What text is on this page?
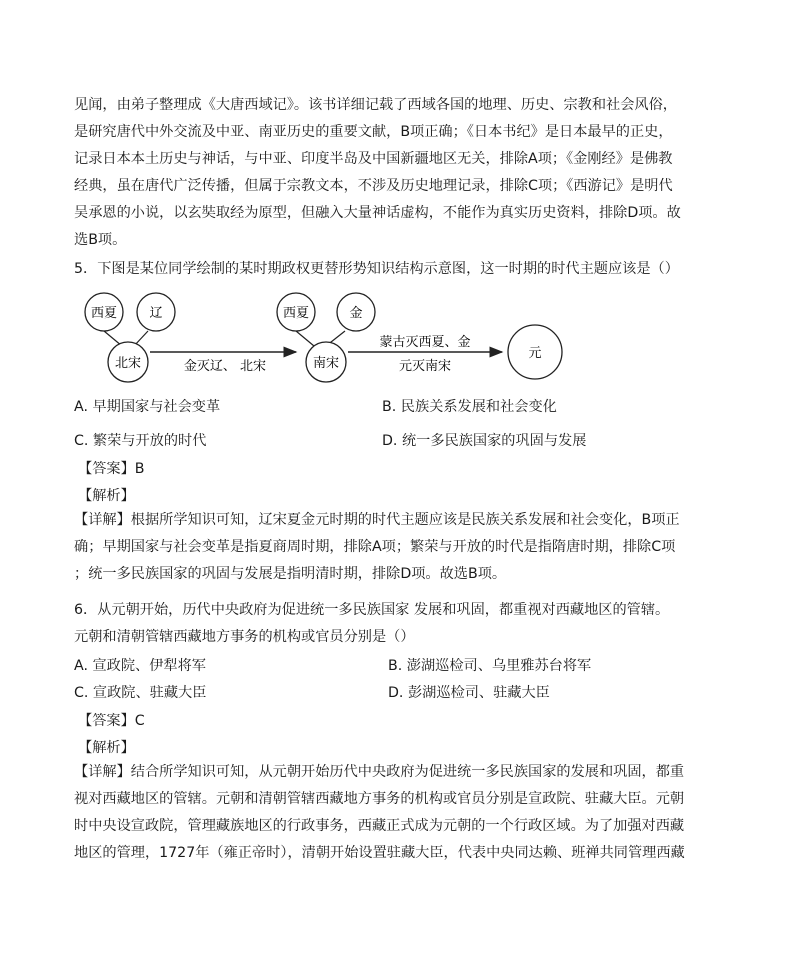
见闻，由弟子整理成《大唐西域记》。该书详细记载了西域各国的地理、历史、宗教和社会风俗，
是研究唐代中外交流及中亚、南亚历史的重要文献，B项正确；《日本书纪》是日本最早的正史，
记录日本本土历史与神话，与中亚、印度半岛及中国新疆地区无关，排除A项；《金刚经》是佛教
经典，虽在唐代广泛传播，但属于宗教文本，不涉及历史地理记录，排除C项；《西游记》是明代
吴承恩的小说，以玄奘取经为原型，但融入大量神话虚构，不能作为真实历史资料，排除D项。故
选B项。
5．下图是某位同学绘制的某时期政权更替形势知识结构示意图，这一时期的时代主题应该是（）
西夏 辽
北宋
西夏	金
南宋
元
金灭辽、 北宋
蒙古灭西夏、金
元灭南宋
A. 早期国家与社会变革	B. 民族关系发展和社会变化
C. 繁荣与开放的时代	D. 统一多民族国家的巩固与发展
【答案】B
【解析】
【详解】根据所学知识可知，辽宋夏金元时期的时代主题应该是民族关系发展和社会变化，B项正
确；早期国家与社会变革是指夏商周时期，排除A项；繁荣与开放的时代是指隋唐时期，排除C项
；统一多民族国家的巩固与发展是指明清时期，排除D项。故选B项。
6．从元朝开始，历代中央政府为促进统一多民族国家 发展和巩固，都重视对西藏地区的管辖。
元朝和清朝管辖西藏地方事务的机构或官员分别是（）
A. 宣政院、伊犁将军	B. 澎湖巡检司、乌里雅苏台将军
C. 宣政院、驻藏大臣	D. 彭湖巡检司、驻藏大臣
【答案】C
【解析】
【详解】结合所学知识可知，从元朝开始历代中央政府为促进统一多民族国家的发展和巩固，都重
视对西藏地区的管辖。元朝和清朝管辖西藏地方事务的机构或官员分别是宣政院、驻藏大臣。元朝
时中央设宣政院，管理藏族地区的行政事务，西藏正式成为元朝的一个行政区域。为了加强对西藏
地区的管理，1727年（雍正帝时），清朝开始设置驻藏大臣，代表中央同达赖、班禅共同管理西藏
